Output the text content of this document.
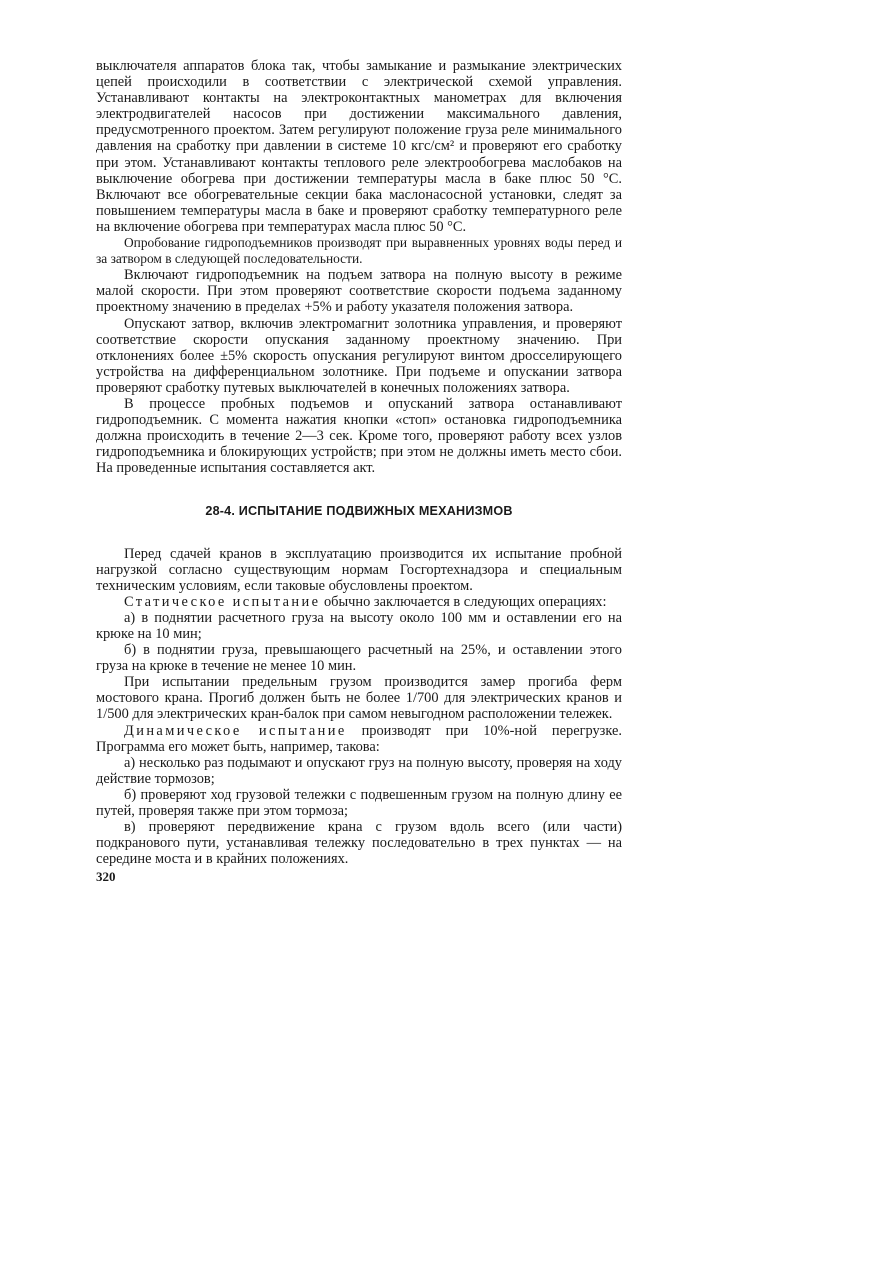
выключателя аппаратов блока так, чтобы замыкание и размыкание электрических цепей происходили в соответствии с электрической схемой управления. Устанавливают контакты на электроконтактных манометрах для включения электродвигателей насосов при достижении максимального давления, предусмотренного проектом. Затем регулируют положение груза реле минимального давления на сработку при давлении в системе 10 кгс/см² и проверяют его сработку при этом. Устанавливают контакты теплового реле электрообогрева маслобаков на выключение обогрева при достижении температуры масла в баке плюс 50 °С. Включают все обогревательные секции бака маслонасосной установки, следят за повышением температуры масла в баке и проверяют сработку температурного реле на включение обогрева при температурах масла плюс 50 °С.

Опробование гидроподъемников производят при выравненных уровнях воды перед и за затвором в следующей последовательности.

Включают гидроподъемник на подъем затвора на полную высоту в режиме малой скорости. При этом проверяют соответствие скорости подъема заданному проектному значению в пределах +5% и работу указателя положения затвора.

Опускают затвор, включив электромагнит золотника управления, и проверяют соответствие скорости опускания заданному проектному значению. При отклонениях более ±5% скорость опускания регулируют винтом дросселирующего устройства на дифференциальном золотнике. При подъеме и опускании затвора проверяют сработку путевых выключателей в конечных положениях затвора.

В процессе пробных подъемов и опусканий затвора останавливают гидроподъемник. С момента нажатия кнопки «стоп» остановка гидроподъемника должна происходить в течение 2—3 сек. Кроме того, проверяют работу всех узлов гидроподъемника и блокирующих устройств; при этом не должны иметь место сбои. На проведенные испытания составляется акт.

28-4. ИСПЫТАНИЕ ПОДВИЖНЫХ МЕХАНИЗМОВ

Перед сдачей кранов в эксплуатацию производится их испытание пробной нагрузкой согласно существующим нормам Госгортехнадзора и специальным техническим условиям, если таковые обусловлены проектом.

Статическое испытание обычно заключается в следующих операциях:

а) в поднятии расчетного груза на высоту около 100 мм и оставлении его на крюке на 10 мин;

б) в поднятии груза, превышающего расчетный на 25%, и оставлении этого груза на крюке в течение не менее 10 мин.

При испытании предельным грузом производится замер прогиба ферм мостового крана. Прогиб должен быть не более 1/700 для электрических кранов и 1/500 для электрических кран-балок при самом невыгодном расположении тележек.

Динамическое испытание производят при 10%-ной перегрузке. Программа его может быть, например, такова:

а) несколько раз подымают и опускают груз на полную высоту, проверяя на ходу действие тормозов;

б) проверяют ход грузовой тележки с подвешенным грузом на полную длину ее путей, проверяя также при этом тормоза;

в) проверяют передвижение крана с грузом вдоль всего (или части) подкранового пути, устанавливая тележку последовательно в трех пунктах — на середине моста и в крайних положениях.

320
